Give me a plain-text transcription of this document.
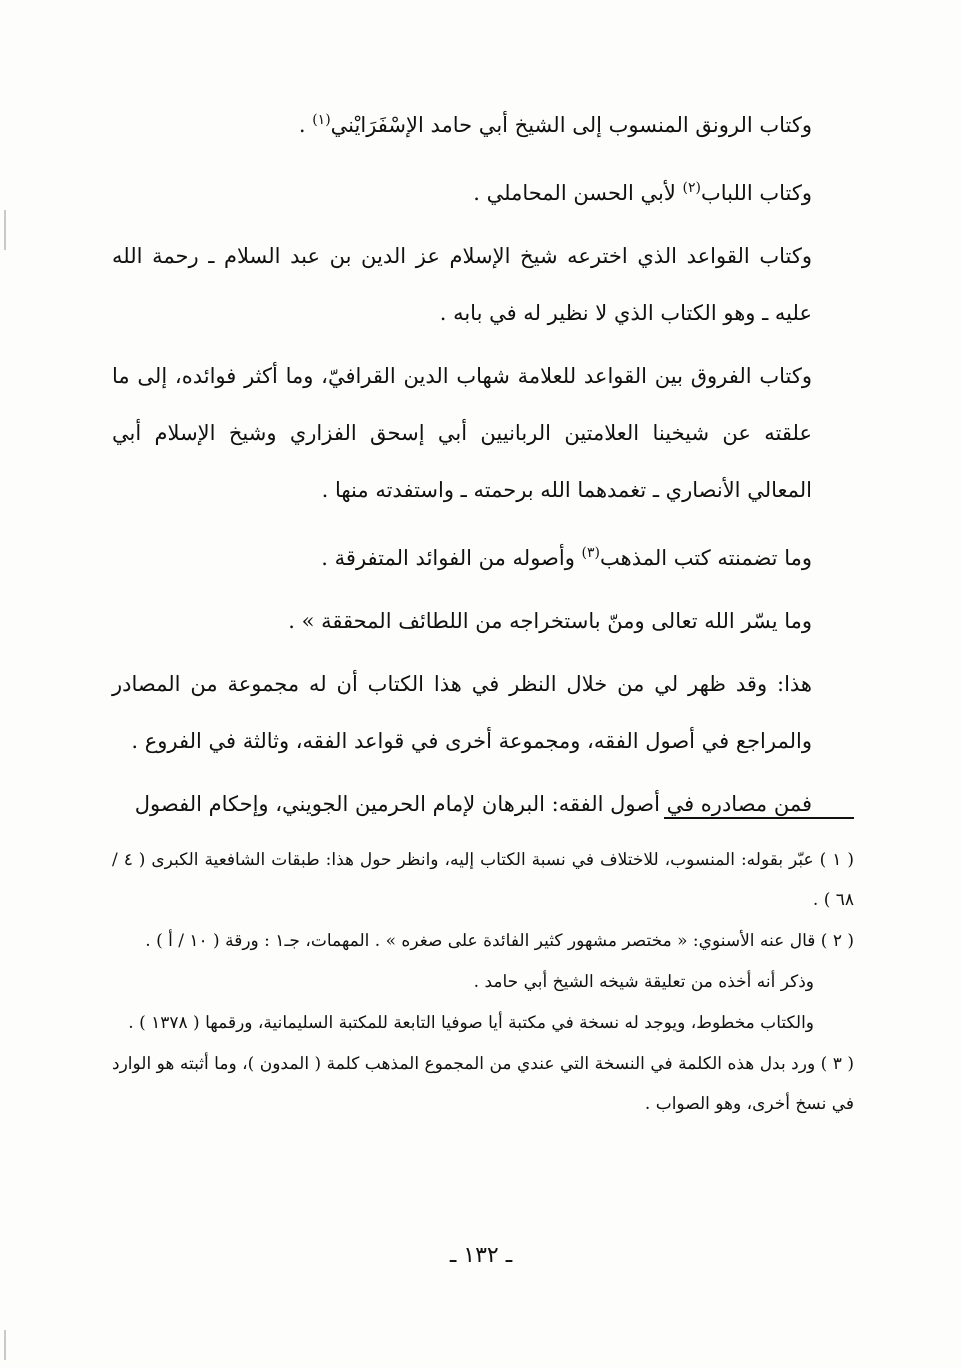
وكتاب الرونق المنسوب إلى الشيخ أبي حامد الإسْفَرَايْني$^{(١)}$ .

وكتاب اللباب$^{(٢)}$ لأبي الحسن المحاملي .

وكتاب القواعد الذي اخترعه شيخ الإسلام عز الدين بن عبد السلام ـ رحمة الله عليه ـ وهو الكتاب الذي لا نظير له في بابه .

وكتاب الفروق بين القواعد للعلامة شهاب الدين القرافيّ، وما أكثر فوائده، إلى ما علقته عن شيخينا العلامتين الربانيين أبي إسحق الفزاري وشيخ الإسلام أبي المعالي الأنصاري ـ تغمدهما الله برحمته ـ واستفدته منها .

وما تضمنته كتب المذهب$^{(٣)}$ وأصوله من الفوائد المتفرقة .

وما يسّر الله تعالى ومنّ باستخراجه من اللطائف المحققة » .

هذا: وقد ظهر لي من خلال النظر في هذا الكتاب أن له مجموعة من المصادر والمراجع في أصول الفقه، ومجموعة أخرى في قواعد الفقه، وثالثة في الفروع .

فمن مصادره في أصول الفقه: البرهان لإمام الحرمين الجويني، وإحكام الفصول

( ١ ) عبّر بقوله: المنسوب، للاختلاف في نسبة الكتاب إليه، وانظر حول هذا: طبقات الشافعية الكبرى ( ٤ / ٦٨ ) .

( ٢ ) قال عنه الأسنوي: « مختصر مشهور كثير الفائدة على صغره » . المهمات، جـ١ : ورقة ( ١٠ / أ ) .

وذكر أنه أخذه من تعليقة شيخه الشيخ أبي حامد .

والكتاب مخطوط، ويوجد له نسخة في مكتبة أيا صوفيا التابعة للمكتبة السليمانية، ورقمها ( ١٣٧٨ ) .

( ٣ ) ورد بدل هذه الكلمة في النسخة التي عندي من المجموع المذهب كلمة ( المدون )، وما أثبته هو الوارد في نسخ أخرى، وهو الصواب .

ـ ١٣٢ ـ
